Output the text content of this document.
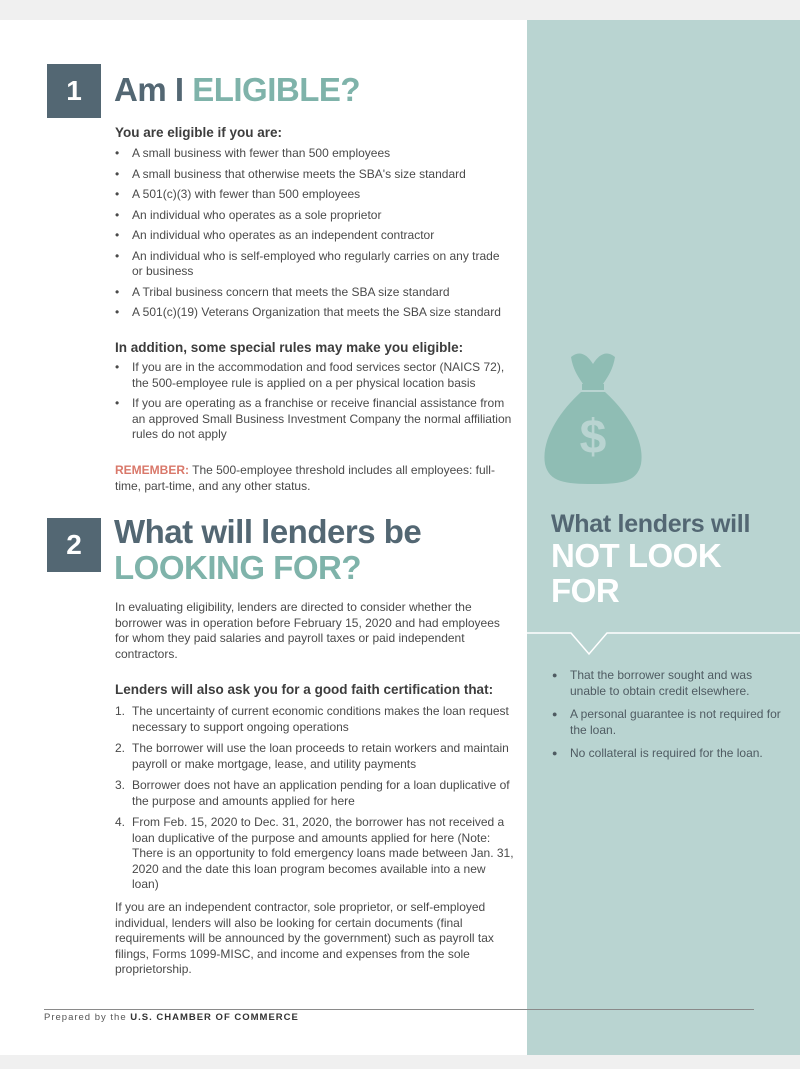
$
1 Am I ELIGIBLE?
You are eligible if you are:
• A small business with fewer than 500 employees
• A small business that otherwise meets the SBA's size standard
• A 501(c)(3) with fewer than 500 employees
• An individual who operates as a sole proprietor
• An individual who operates as an independent contractor
• An individual who is self-employed who regularly carries on any trade or business
• A Tribal business concern that meets the SBA size standard
• A 501(c)(19) Veterans Organization that meets the SBA size standard
In addition, some special rules may make you eligible:
• If you are in the accommodation and food services sector (NAICS 72), the 500-employee rule is applied on a per physical location basis
• If you are operating as a franchise or receive financial assistance from an approved Small Business Investment Company the normal affiliation rules do not apply
REMEMBER: The 500-employee threshold includes all employees: full-time, part-time, and any other status.
2 What will lenders be
LOOKING FOR?
In evaluating eligibility, lenders are directed to consider whether the borrower was in operation before February 15, 2020 and had employees for whom they paid salaries and payroll taxes or paid independent contractors.
Lenders will also ask you for a good faith certification that:
1. The uncertainty of current economic conditions makes the loan request necessary to support ongoing operations
2. The borrower will use the loan proceeds to retain workers and maintain payroll or make mortgage, lease, and utility payments
3. Borrower does not have an application pending for a loan duplicative of the purpose and amounts applied for here
4. From Feb. 15, 2020 to Dec. 31, 2020, the borrower has not received a loan duplicative of the purpose and amounts applied for here (Note: There is an opportunity to fold emergency loans made between Jan. 31, 2020 and the date this loan program becomes available into a new loan)
If you are an independent contractor, sole proprietor, or self-employed individual, lenders will also be looking for certain documents (final requirements will be announced by the government) such as payroll tax filings, Forms 1099-MISC, and income and expenses from the sole proprietorship.
What lenders will
NOT LOOK FOR
● That the borrower sought and was unable to obtain credit elsewhere.
● A personal guarantee is not required for the loan.
● No collateral is required for the loan.
Prepared by the U.S. CHAMBER OF COMMERCE
